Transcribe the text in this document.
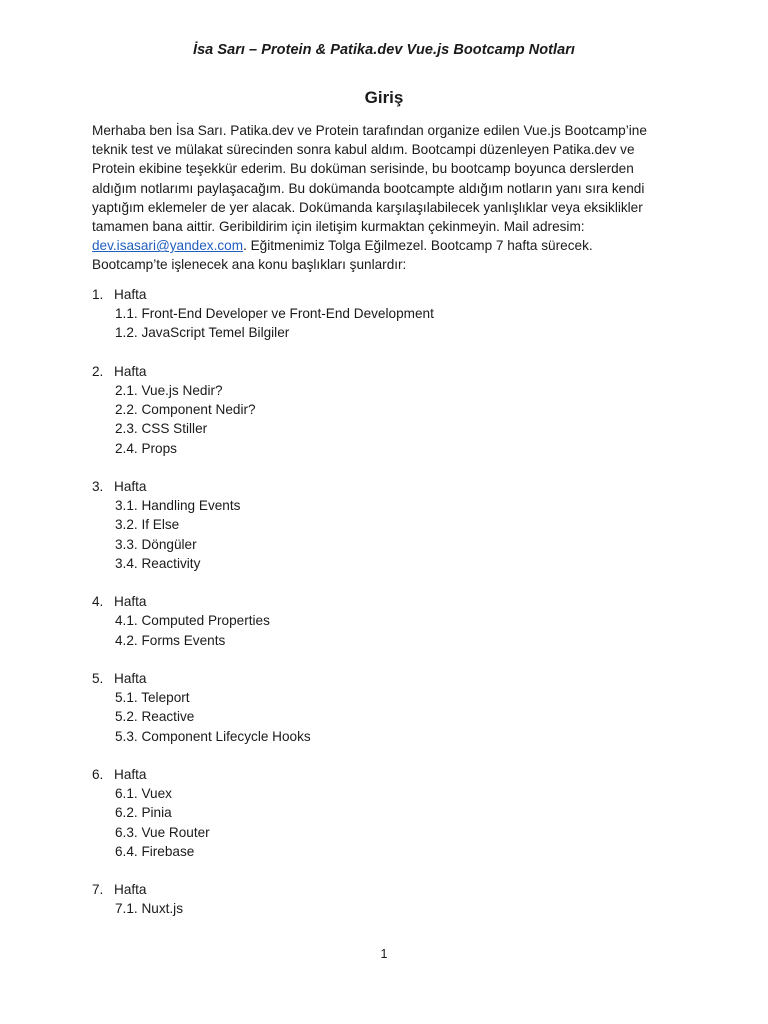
İsa Sarı – Protein & Patika.dev Vue.js Bootcamp Notları
Giriş
Merhaba ben İsa Sarı. Patika.dev ve Protein tarafından organize edilen Vue.js Bootcamp’ine
teknik test ve mülakat sürecinden sonra kabul aldım. Bootcampi düzenleyen Patika.dev ve
Protein ekibine teşekkür ederim. Bu doküman serisinde, bu bootcamp boyunca derslerden
aldığım notlarımı paylaşacağım. Bu dokümanda bootcampte aldığım notların yanı sıra kendi
yaptığım eklemeler de yer alacak. Dokümanda karşılaşılabilecek yanlışlıklar veya eksiklikler
tamamen bana aittir. Geribildirim için iletişim kurmaktan çekinmeyin. Mail adresim:
dev.isasari@yandex.com. Eğitmenimiz Tolga Eğilmezel. Bootcamp 7 hafta sürecek.
Bootcamp’te işlenecek ana konu başlıkları şunlardır:
1. Hafta
1.1. Front-End Developer ve Front-End Development
1.2. JavaScript Temel Bilgiler
2. Hafta
2.1. Vue.js Nedir?
2.2. Component Nedir?
2.3. CSS Stiller
2.4. Props
3. Hafta
3.1. Handling Events
3.2. If Else
3.3. Döngüler
3.4. Reactivity
4. Hafta
4.1. Computed Properties
4.2. Forms Events
5. Hafta
5.1. Teleport
5.2. Reactive
5.3. Component Lifecycle Hooks
6. Hafta
6.1. Vuex
6.2. Pinia
6.3. Vue Router
6.4. Firebase
7. Hafta
7.1. Nuxt.js
1
